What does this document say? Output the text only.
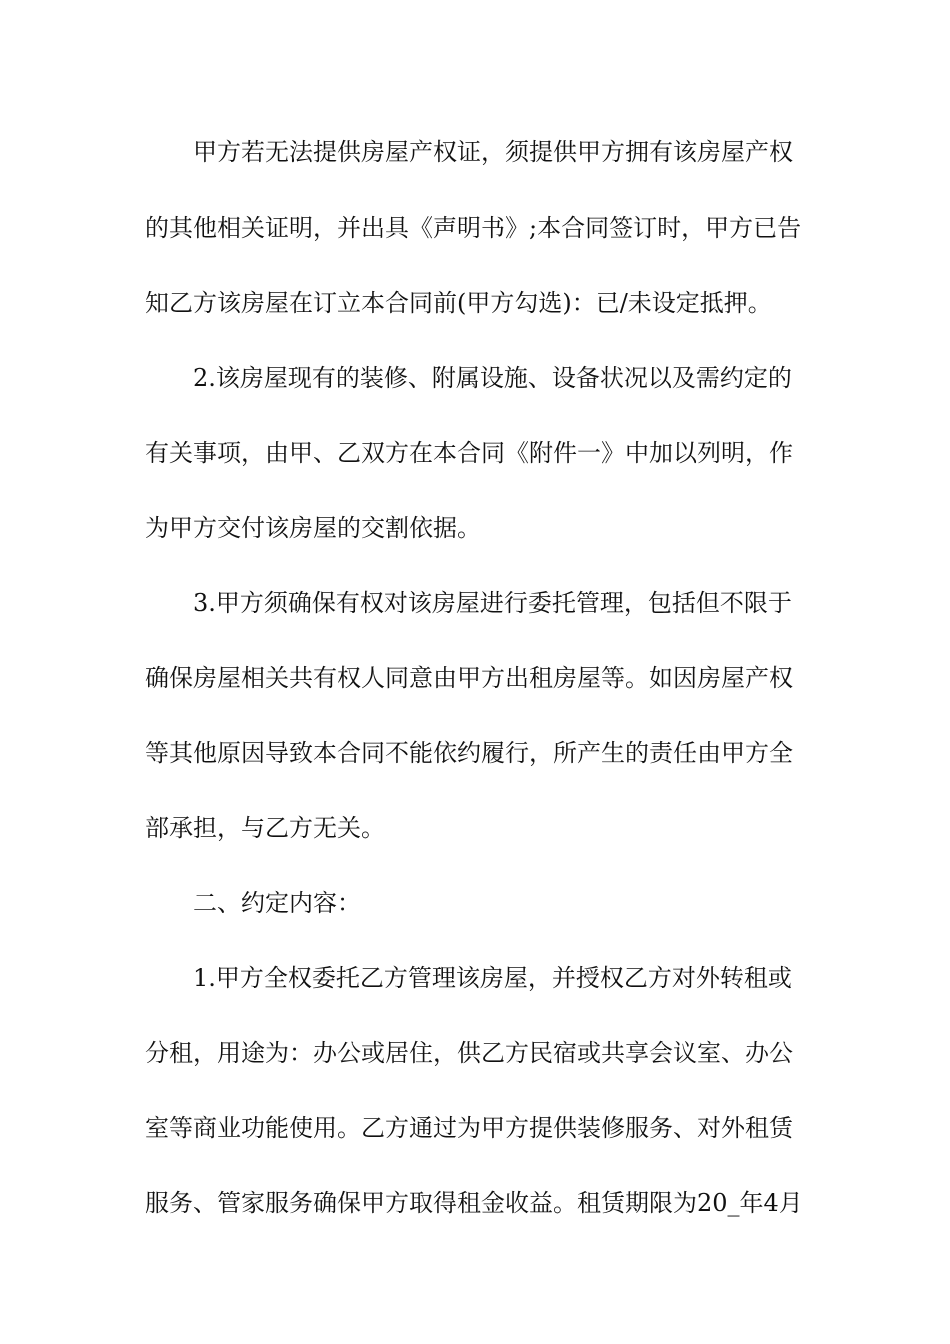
甲方若无法提供房屋产权证，须提供甲方拥有该房屋产权
的其他相关证明，并出具《声明书》;本合同签订时，甲方已告
知乙方该房屋在订立本合同前(甲方勾选)：已/未设定抵押。
2.该房屋现有的装修、附属设施、设备状况以及需约定的
有关事项，由甲、乙双方在本合同《附件一》中加以列明，作
为甲方交付该房屋的交割依据。
3.甲方须确保有权对该房屋进行委托管理，包括但不限于
确保房屋相关共有权人同意由甲方出租房屋等。如因房屋产权
等其他原因导致本合同不能依约履行，所产生的责任由甲方全
部承担，与乙方无关。
二、约定内容：
1.甲方全权委托乙方管理该房屋，并授权乙方对外转租或
分租，用途为：办公或居住，供乙方民宿或共享会议室、办公
室等商业功能使用。乙方通过为甲方提供装修服务、对外租赁
服务、管家服务确保甲方取得租金收益。租赁期限为20_年4月
